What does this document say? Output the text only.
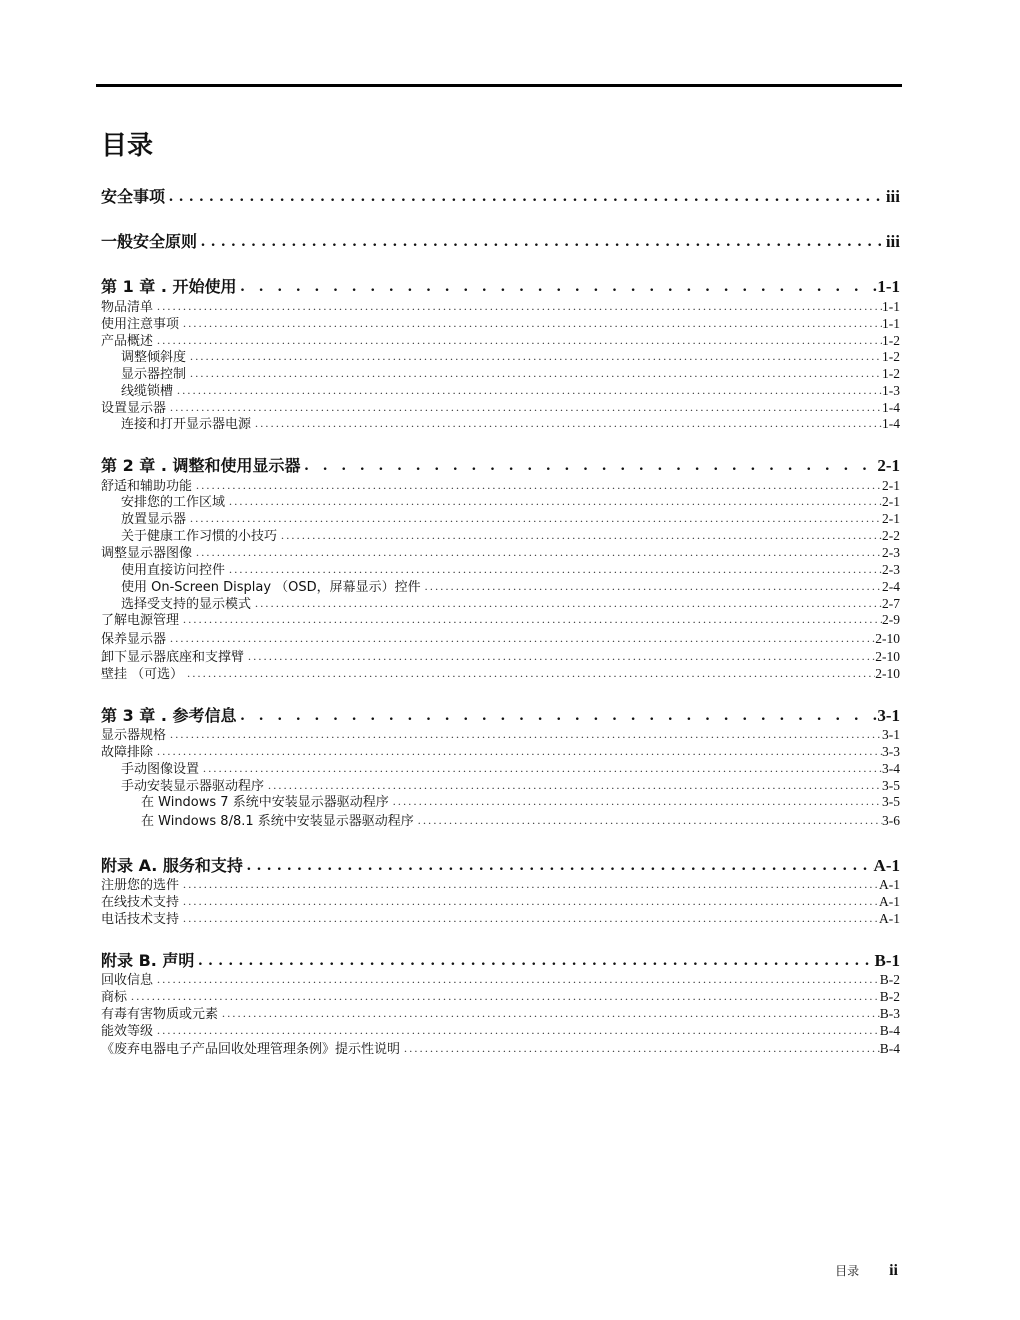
目录
安全事项 .....	iii
一般安全原则 .....	iii
第 1 章 . 开始使用 .....	1-1
物品清单 .....	1-1
使用注意事项 .....	1-1
产品概述 .....	1-2
调整倾斜度 .....	1-2
显示器控制 .....	1-2
线缆锁槽 .....	1-3
设置显示器 .....	1-4
连接和打开显示器电源 .....	1-4
第 2 章 . 调整和使用显示器 .....	2-1
舒适和辅助功能 .....	2-1
安排您的工作区域 .....	2-1
放置显示器 .....	2-1
关于健康工作习惯的小技巧 .....	2-2
调整显示器图像 .....	2-3
使用直接访问控件 .....	2-3
使用 On-Screen Display （OSD，屏幕显示）控件 .....	2-4
选择受支持的显示模式 .....	2-7
了解电源管理 .....	2-9
保养显示器 .....	2-10
卸下显示器底座和支撑臂 .....	2-10
壁挂 （可选） .....	2-10
第 3 章 . 参考信息 .....	3-1
显示器规格 .....	3-1
故障排除 .....	3-3
手动图像设置 .....	3-4
手动安装显示器驱动程序 .....	3-5
在 Windows 7 系统中安装显示器驱动程序 .....	3-5
在 Windows 8/8.1 系统中安装显示器驱动程序 .....	3-6
附录 A. 服务和支持 .....	A-1
注册您的选件 .....	A-1
在线技术支持 .....	A-1
电话技术支持 .....	A-1
附录 B. 声明 .....	B-1
回收信息 .....	B-2
商标 .....	B-2
有毒有害物质或元素 .....	B-3
能效等级 .....	B-4
《废弃电器电子产品回收处理管理条例》提示性说明 .....	B-4
目录 ii
